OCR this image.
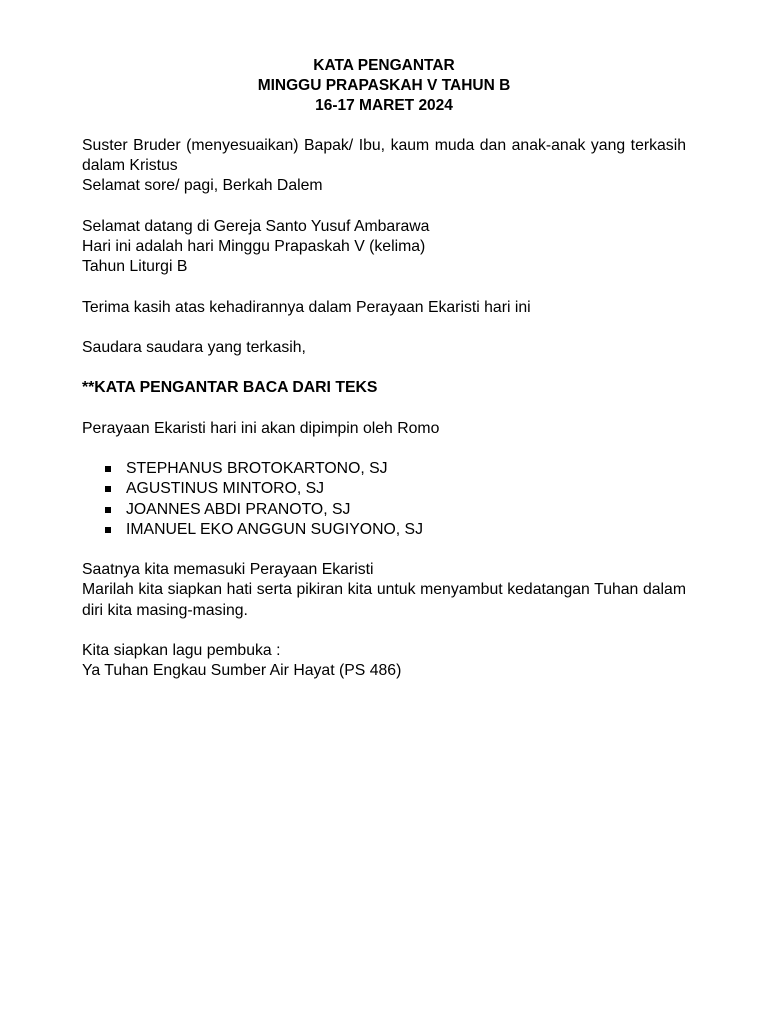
KATA PENGANTAR
MINGGU PRAPASKAH V TAHUN B
16-17 MARET 2024
Suster Bruder (menyesuaikan) Bapak/ Ibu, kaum muda dan anak-anak yang terkasih dalam Kristus
Selamat sore/ pagi, Berkah Dalem
Selamat datang di Gereja Santo Yusuf Ambarawa
Hari ini adalah hari Minggu Prapaskah V (kelima)
Tahun Liturgi B
Terima kasih atas kehadirannya dalam Perayaan Ekaristi hari ini
Saudara saudara yang terkasih,
**KATA PENGANTAR BACA DARI TEKS
Perayaan Ekaristi hari ini akan dipimpin oleh Romo
STEPHANUS BROTOKARTONO, SJ
AGUSTINUS MINTORO, SJ
JOANNES ABDI PRANOTO, SJ
IMANUEL EKO ANGGUN SUGIYONO, SJ
Saatnya kita memasuki Perayaan Ekaristi
Marilah kita siapkan hati serta pikiran kita untuk menyambut kedatangan Tuhan dalam diri kita masing-masing.
Kita siapkan lagu pembuka :
Ya Tuhan Engkau Sumber Air Hayat (PS 486)
